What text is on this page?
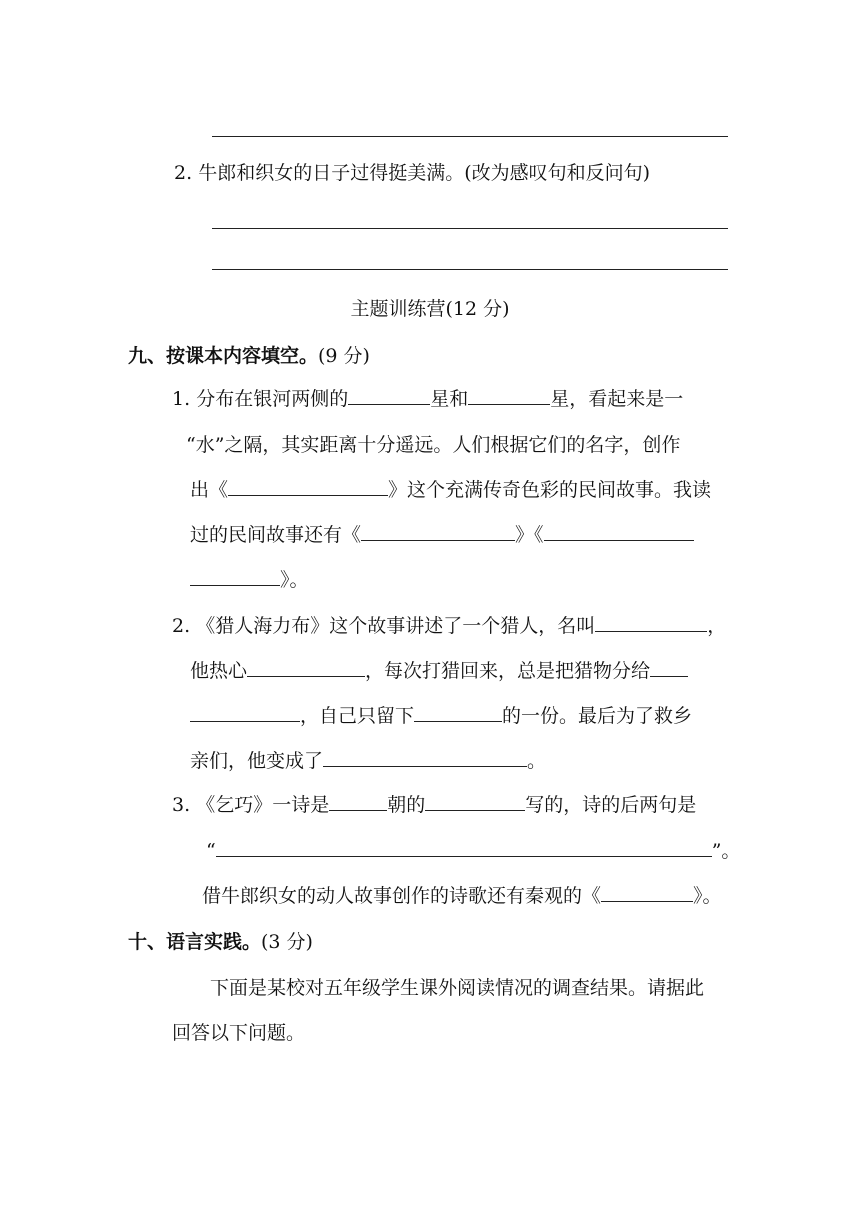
2. 牛郎和织女的日子过得挺美满。(改为感叹句和反问句)
主题训练营(12 分)
九、按课本内容填空。(9 分)
1. 分布在银河两侧的	星和	星，看起来是一
“水”之隔，其实距离十分遥远。人们根据它们的名字，创作
出《	》这个充满传奇色彩的民间故事。我读
过的民间故事还有《	》《
》。
2. 《猎人海力布》这个故事讲述了一个猎人，名叫	，
他热心	，每次打猎回来，总是把猎物分给
，自己只留下	的一份。最后为了救乡
亲们，他变成了	。
3. 《乞巧》一诗是	朝的	写的，诗的后两句是
“	”。
借牛郎织女的动人故事创作的诗歌还有秦观的《	》。
十、语言实践。(3 分)
下面是某校对五年级学生课外阅读情况的调查结果。请据此
回答以下问题。
